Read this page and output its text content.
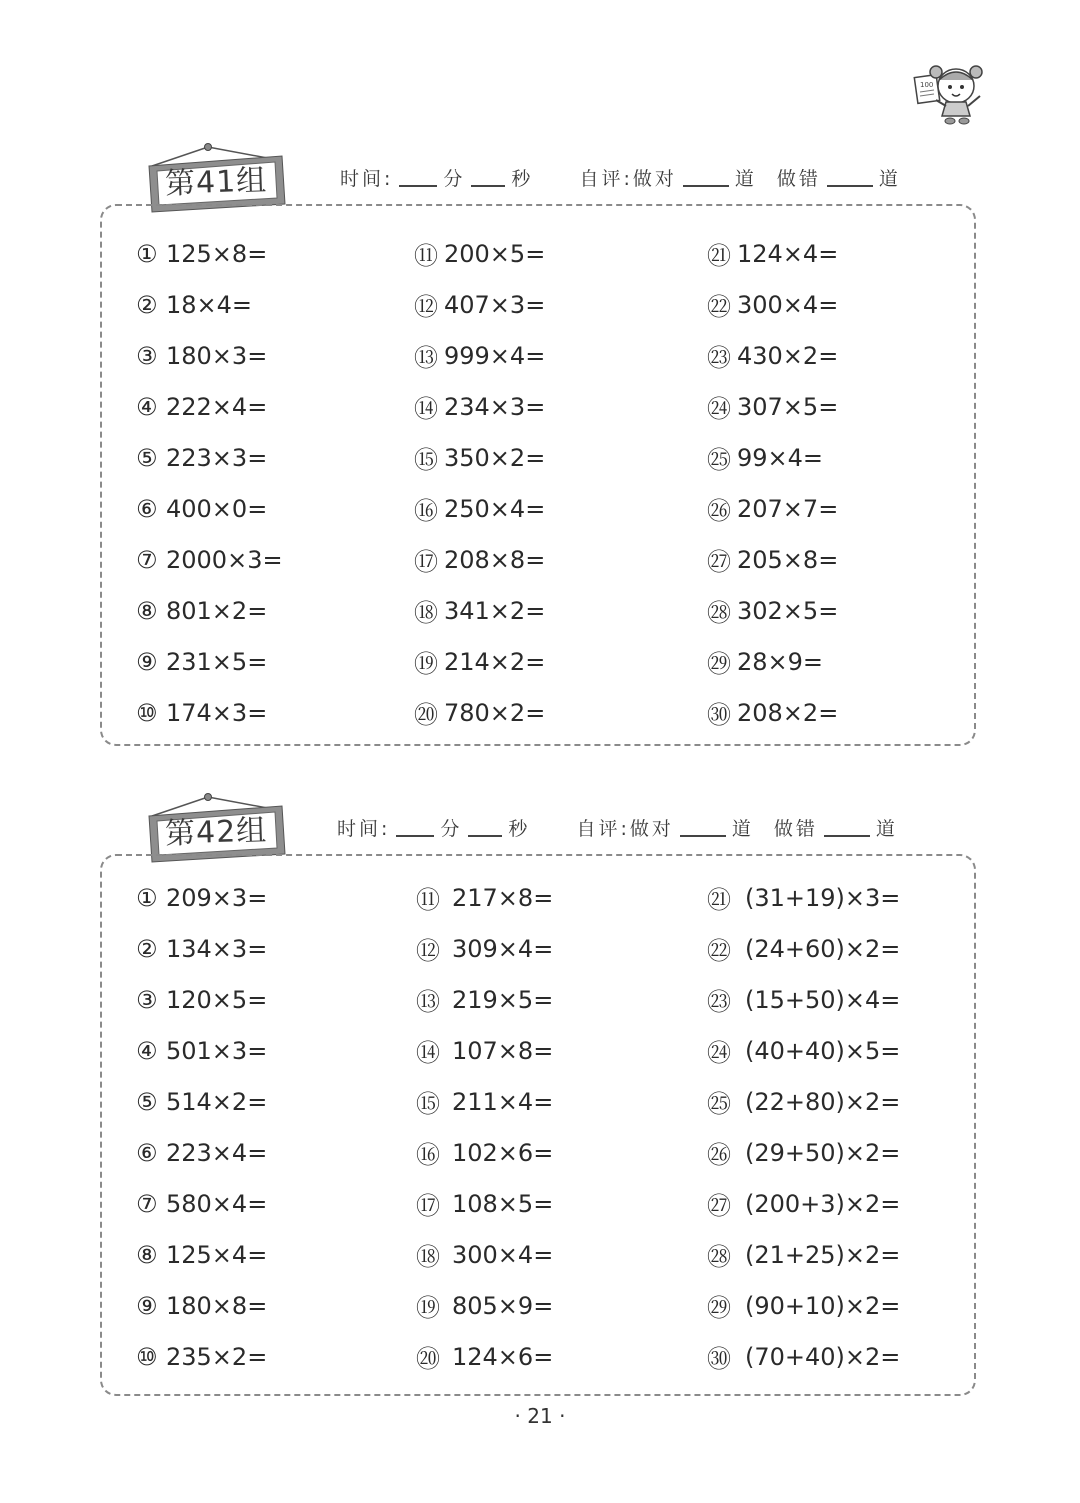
100
第41组	时间:	分 秒 自评:做对	道 做错	道
① 125×8=
② 18×4=
③ 180×3=
④ 222×4=
⑤ 223×3=
⑥ 400×0=
⑦ 2000×3=
⑧ 801×2=
⑨ 231×5=
⑩ 174×3=
⑪ 200×5=
⑫ 407×3=
⑬ 999×4=
⑭ 234×3=
⑮ 350×2=
⑯ 250×4=
⑰ 208×8=
⑱ 341×2=
⑲ 214×2=
⑳ 780×2=
㉑ 124×4=
㉒ 300×4=
㉓ 430×2=
㉔ 307×5=
㉕ 99×4=
㉖ 207×7=
㉗ 205×8=
㉘ 302×5=
㉙ 28×9=
㉚ 208×2=
第42组	时间:	分 秒 自评:做对	道 做错	道
① 209×3=
② 134×3=
③ 120×5=
④ 501×3=
⑤ 514×2=
⑥ 223×4=
⑦ 580×4=
⑧ 125×4=
⑨ 180×8=
⑩ 235×2=
⑪ 217×8=
⑫ 309×4=
⑬ 219×5=
⑭ 107×8=
⑮ 211×4=
⑯ 102×6=
⑰ 108×5=
⑱ 300×4=
⑲ 805×9=
⑳ 124×6=
㉑ (31+19)×3=
㉒ (24+60)×2=
㉓ (15+50)×4=
㉔ (40+40)×5=
㉕ (22+80)×2=
㉖ (29+50)×2=
㉗ (200+3)×2=
㉘ (21+25)×2=
㉙ (90+10)×2=
㉚ (70+40)×2=
· 21 ·
